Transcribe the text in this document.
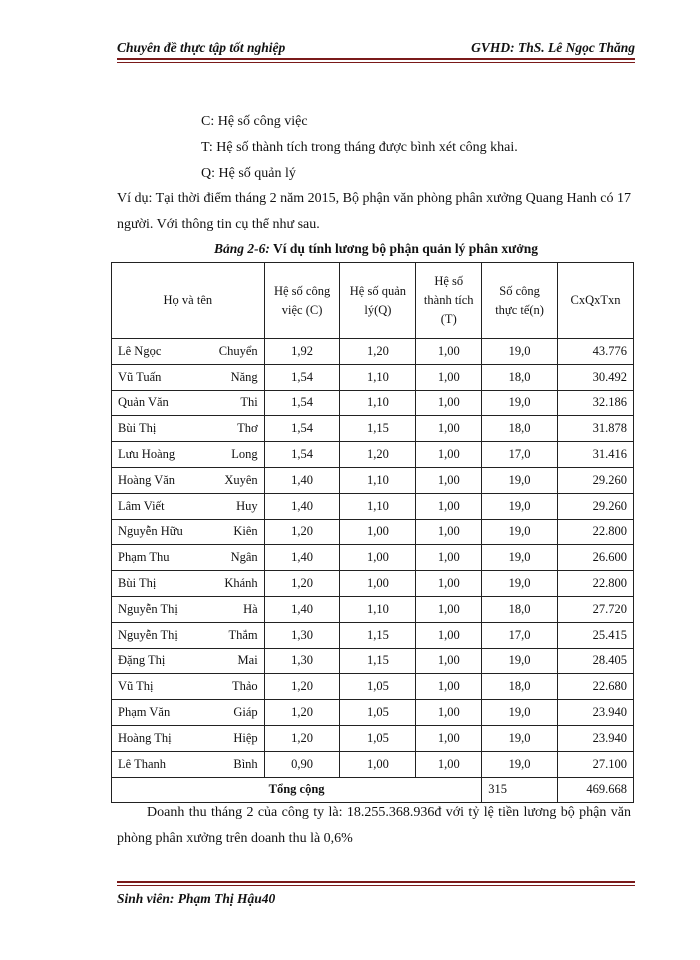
Chuyên đề thực tập tốt nghiệp	GVHD: ThS. Lê Ngọc Thăng
C: Hệ số công việc
T: Hệ số thành tích trong tháng được bình xét công khai.
Q: Hệ số quản lý
Ví dụ: Tại thời điểm tháng 2 năm 2015, Bộ phận văn phòng phân xưởng Quang Hanh có 17 người. Với thông tin cụ thể như sau.
Bảng 2-6: Ví dụ tính lương bộ phận quản lý phân xưởng
Họ và tên	Hệ số công việc (C)	Hệ số quản lý(Q)	Hệ số thành tích (T)	Số công thực tế(n)	CxQxTxn

Lê Ngọc Chuyển	1,92	1,20	1,00	19,0	43.776

Vũ Tuấn Năng	1,54	1,10	1,00	18,0	30.492

Quản Văn Thi	1,54	1,10	1,00	19,0	32.186

Bùi Thị Thơ	1,54	1,15	1,00	18,0	31.878

Lưu Hoàng Long	1,54	1,20	1,00	17,0	31.416

Hoàng Văn Xuyên	1,40	1,10	1,00	19,0	29.260

Lâm Viết Huy	1,40	1,10	1,00	19,0	29.260

Nguyễn Hữu Kiên	1,20	1,00	1,00	19,0	22.800

Phạm Thu Ngân	1,40	1,00	1,00	19,0	26.600

Bùi Thị Khánh	1,20	1,00	1,00	19,0	22.800

Nguyễn Thị Hà	1,40	1,10	1,00	18,0	27.720

Nguyễn Thị Thắm	1,30	1,15	1,00	17,0	25.415

Đặng Thị Mai	1,30	1,15	1,00	19,0	28.405

Vũ Thị Thảo	1,20	1,05	1,00	18,0	22.680

Phạm Văn Giáp	1,20	1,05	1,00	19,0	23.940

Hoàng Thị Hiệp	1,20	1,05	1,00	19,0	23.940

Lê Thanh Bình	0,90	1,00	1,00	19,0	27.100
Tổng cộng				315	469.668
Doanh thu tháng 2 của công ty là: 18.255.368.936đ với tỷ lệ tiền lương bộ phận văn phòng phân xưởng trên doanh thu là 0,6%
Sinh viên: Phạm Thị Hậu40
